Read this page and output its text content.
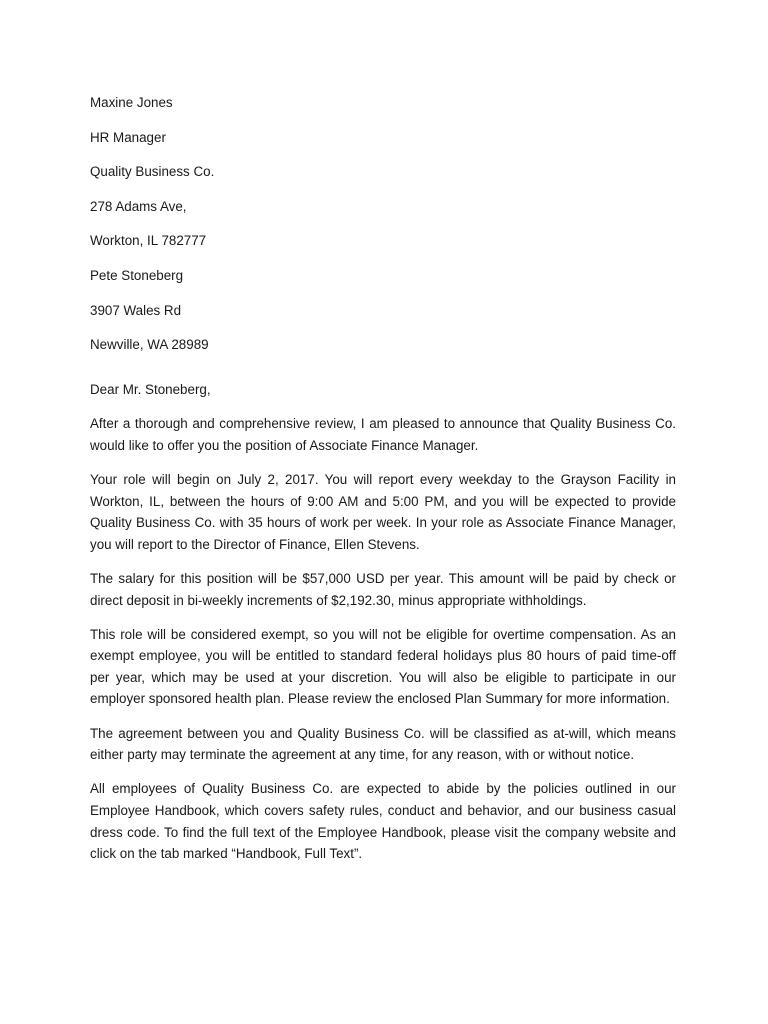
Maxine Jones
HR Manager
Quality Business Co.
278 Adams Ave,
Workton, IL 782777
Pete Stoneberg
3907 Wales Rd
Newville, WA 28989
Dear Mr. Stoneberg,

After a thorough and comprehensive review, I am pleased to announce that Quality Business Co. would like to offer you the position of Associate Finance Manager.

Your role will begin on July 2, 2017. You will report every weekday to the Grayson Facility in Workton, IL, between the hours of 9:00 AM and 5:00 PM, and you will be expected to provide Quality Business Co. with 35 hours of work per week. In your role as Associate Finance Manager, you will report to the Director of Finance, Ellen Stevens.

The salary for this position will be $57,000 USD per year. This amount will be paid by check or direct deposit in bi-weekly increments of $2,192.30, minus appropriate withholdings.

This role will be considered exempt, so you will not be eligible for overtime compensation. As an exempt employee, you will be entitled to standard federal holidays plus 80 hours of paid time-off per year, which may be used at your discretion. You will also be eligible to participate in our employer sponsored health plan. Please review the enclosed Plan Summary for more information.

The agreement between you and Quality Business Co. will be classified as at-will, which means either party may terminate the agreement at any time, for any reason, with or without notice.

All employees of Quality Business Co. are expected to abide by the policies outlined in our Employee Handbook, which covers safety rules, conduct and behavior, and our business casual dress code. To find the full text of the Employee Handbook, please visit the company website and click on the tab marked “Handbook, Full Text”.
